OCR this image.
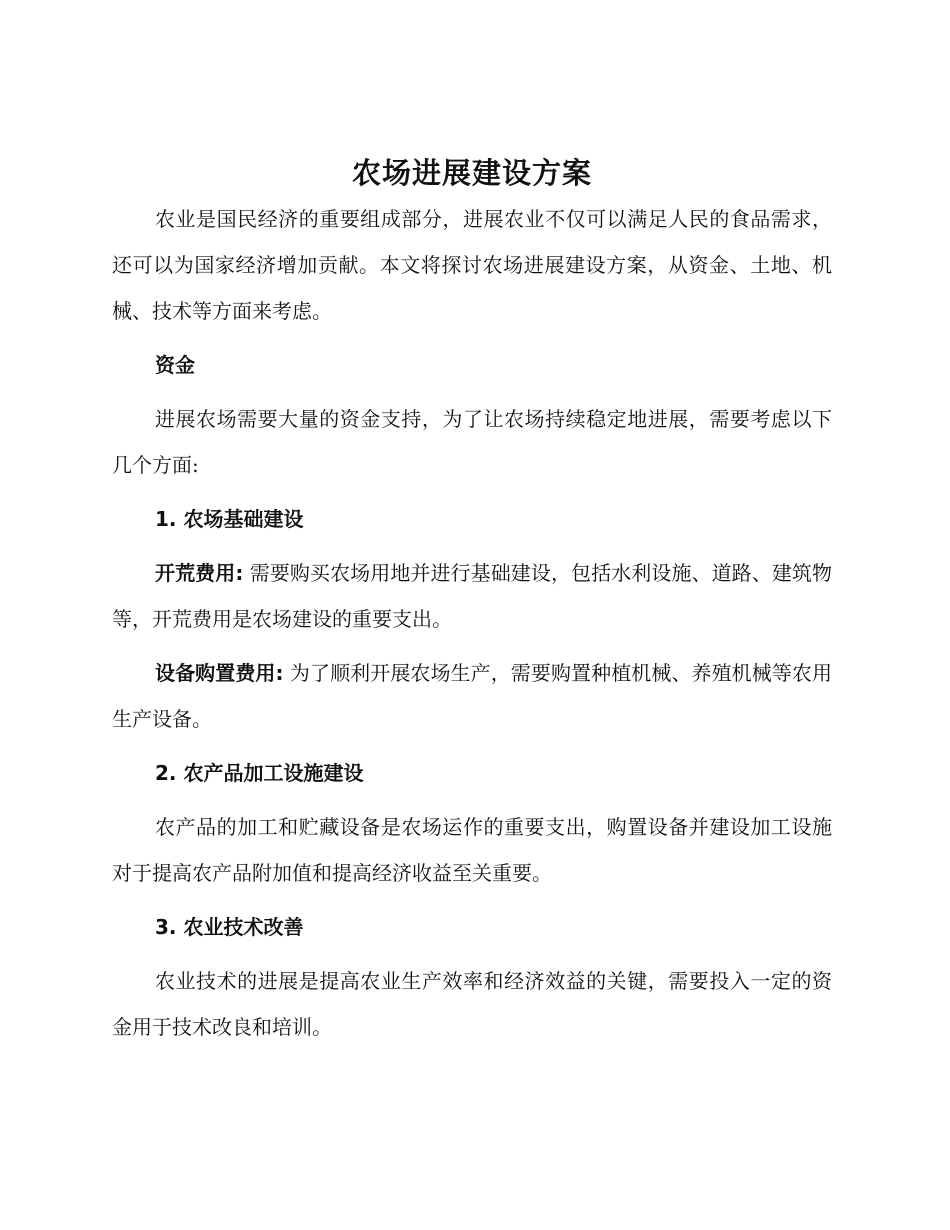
农场进展建设方案

农业是国民经济的重要组成部分，进展农业不仅可以满足人民的食品需求，还可以为国家经济增加贡献。本文将探讨农场进展建设方案，从资金、土地、机械、技术等方面来考虑。

资金

进展农场需要大量的资金支持，为了让农场持续稳定地进展，需要考虑以下几个方面:

1. 农场基础建设

开荒费用: 需要购买农场用地并进行基础建设，包括水利设施、道路、建筑物等，开荒费用是农场建设的重要支出。

设备购置费用: 为了顺利开展农场生产，需要购置种植机械、养殖机械等农用生产设备。

2. 农产品加工设施建设

农产品的加工和贮藏设备是农场运作的重要支出，购置设备并建设加工设施对于提高农产品附加值和提高经济收益至关重要。

3. 农业技术改善

农业技术的进展是提高农业生产效率和经济效益的关键，需要投入一定的资金用于技术改良和培训。
